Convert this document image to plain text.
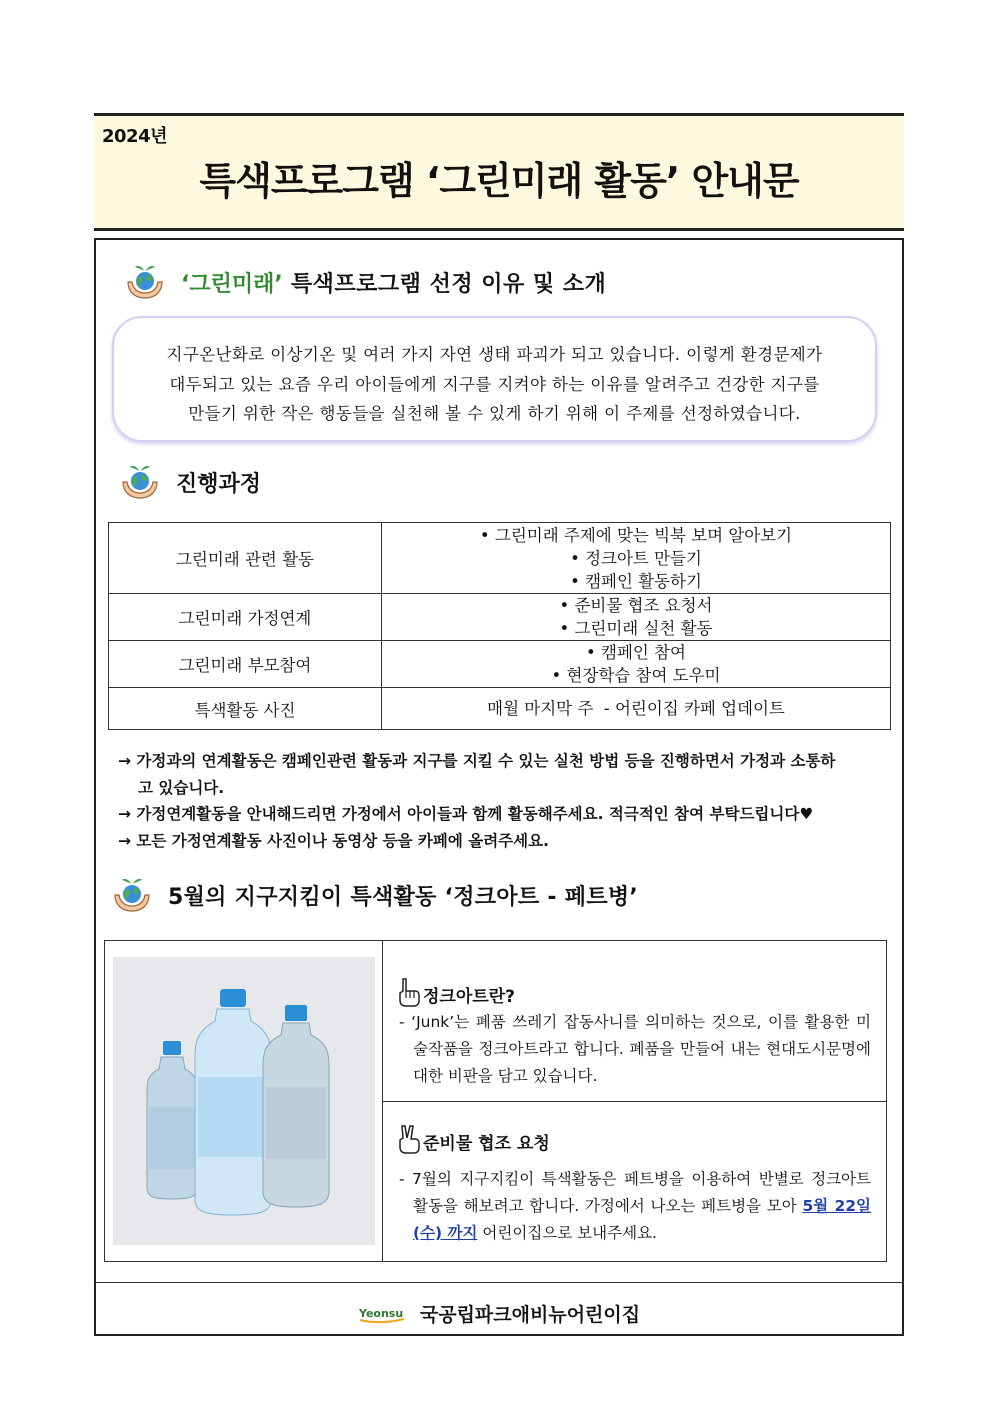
2024년
특색프로그램 ‘그린미래 활동’ 안내문
‘그린미래’ 특색프로그램 선정 이유 및 소개
지구온난화로 이상기온 및 여러 가지 자연 생태 파괴가 되고 있습니다. 이렇게 환경문제가
대두되고 있는 요즘 우리 아이들에게 지구를 지켜야 하는 이유를 알려주고 건강한 지구를
만들기 위한 작은 행동들을 실천해 볼 수 있게 하기 위해 이 주제를 선정하였습니다.
진행과정
그린미래 관련 활동	• 그린미래 주제에 맞는 빅북 보며 알아보기
• 정크아트 만들기
• 캠페인 활동하기

그린미래 가정연계	• 준비물 협조 요청서
• 그린미래 실천 활동

그린미래 부모참여	• 캠페인 참여
• 현장학습 참여 도우미

특색활동 사진	매월 마지막 주  - 어린이집 카페 업데이트
→ 가정과의 연계활동은 캠페인관련 활동과 지구를 지킬 수 있는 실천 방법 등을 진행하면서 가정과 소통하
고 있습니다.
→ 가정연계활동을 안내해드리면 가정에서 아이들과 함께 활동해주세요. 적극적인 참여 부탁드립니다♥
→ 모든 가정연계활동 사진이나 동영상 등을 카페에 올려주세요.
5월의 지구지킴이 특색활동 ‘정크아트 - 페트병’
정크아트란?
- ‘Junk’는 폐품 쓰레기 잡동사니를 의미하는 것으로, 이를 활용한 미술작품을 정크아트라고 합니다. 폐품을 만들어 내는 현대도시문명에 대한 비판을 담고 있습니다.
준비물 협조 요청
- 7월의 지구지킴이 특색활동은 페트병을 이용하여 반별로 정크아트 활동을 해보려고 합니다. 가정에서 나오는 페트병을 모아 5월 22일(수) 까지 어린이집으로 보내주세요.
Yeonsu 국공립파크애비뉴어린이집
